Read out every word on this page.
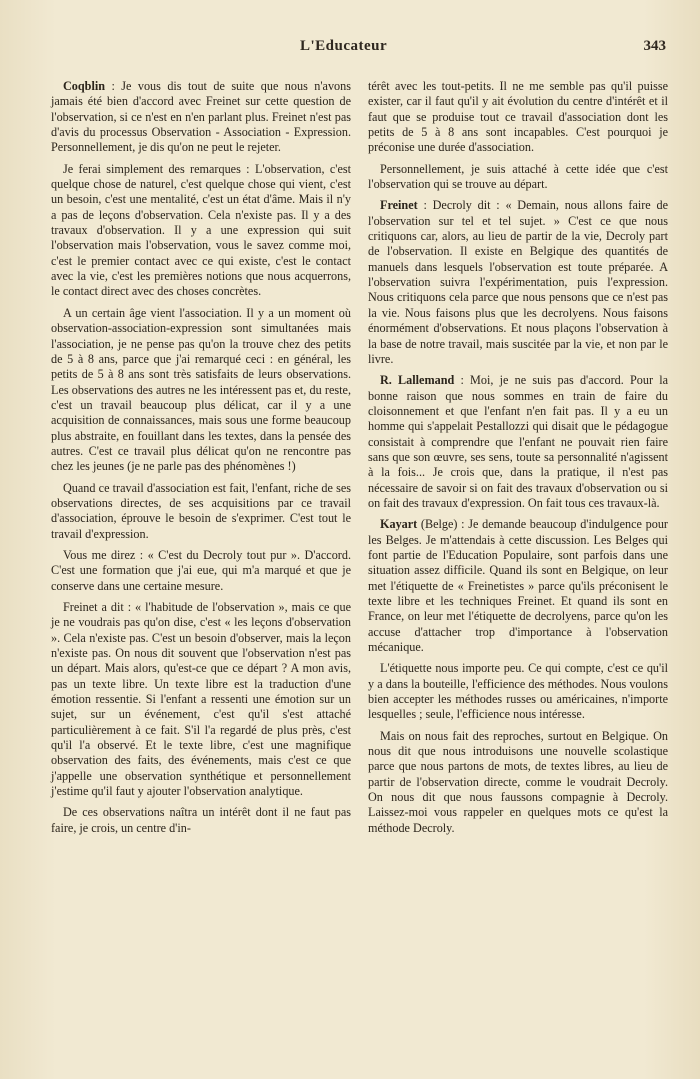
L'Educateur	343

Coqblin : Je vous dis tout de suite que nous n'avons jamais été bien d'accord avec Freinet sur cette question de l'observation, si ce n'est en n'en parlant plus. Freinet n'est pas d'avis du processus Observation - Association - Expression. Personnellement, je dis qu'on ne peut le rejeter.

Je ferai simplement des remarques : L'observation, c'est quelque chose de naturel, c'est quelque chose qui vient, c'est un besoin, c'est une mentalité, c'est un état d'âme. Mais il n'y a pas de leçons d'observation. Cela n'existe pas. Il y a des travaux d'observation. Il y a une expression qui suit l'observation mais l'observation, vous le savez comme moi, c'est le premier contact avec ce qui existe, c'est le contact avec la vie, c'est les premières notions que nous acquerrons, le contact direct avec des choses concrètes.

A un certain âge vient l'association. Il y a un moment où observation-association-expression sont simultanées mais l'association, je ne pense pas qu'on la trouve chez des petits de 5 à 8 ans, parce que j'ai remarqué ceci : en général, les petits de 5 à 8 ans sont très satisfaits de leurs observations. Les observations des autres ne les intéressent pas et, du reste, c'est un travail beaucoup plus délicat, car il y a une acquisition de connaissances, mais sous une forme beaucoup plus abstraite, en fouillant dans les textes, dans la pensée des autres. C'est ce travail plus délicat qu'on ne rencontre pas chez les jeunes (je ne parle pas des phénomènes !)

Quand ce travail d'association est fait, l'enfant, riche de ses observations directes, de ses acquisitions par ce travail d'association, éprouve le besoin de s'exprimer. C'est tout le travail d'expression.

Vous me direz : « C'est du Decroly tout pur ». D'accord. C'est une formation que j'ai eue, qui m'a marqué et que je conserve dans une certaine mesure.

Freinet a dit : « l'habitude de l'observation », mais ce que je ne voudrais pas qu'on dise, c'est « les leçons d'observation ». Cela n'existe pas. C'est un besoin d'observer, mais la leçon n'existe pas. On nous dit souvent que l'observation n'est pas un départ. Mais alors, qu'est-ce que ce départ ? A mon avis, pas un texte libre. Un texte libre est la traduction d'une émotion ressentie. Si l'enfant a ressenti une émotion sur un sujet, sur un événement, c'est qu'il s'est attaché particulièrement à ce fait. S'il l'a regardé de plus près, c'est qu'il l'a observé. Et le texte libre, c'est une magnifique observation des faits, des événements, mais c'est ce que j'appelle une observation synthétique et personnellement j'estime qu'il faut y ajouter l'observation analytique.

De ces observations naîtra un intérêt dont il ne faut pas faire, je crois, un centre d'in-

térêt avec les tout-petits. Il ne me semble pas qu'il puisse exister, car il faut qu'il y ait évolution du centre d'intérêt et il faut que se produise tout ce travail d'association dont les petits de 5 à 8 ans sont incapables. C'est pourquoi je préconise une durée d'association.

Personnellement, je suis attaché à cette idée que c'est l'observation qui se trouve au départ.

Freinet : Decroly dit : « Demain, nous allons faire de l'observation sur tel et tel sujet. » C'est ce que nous critiquons car, alors, au lieu de partir de la vie, Decroly part de l'observation. Il existe en Belgique des quantités de manuels dans lesquels l'observation est toute préparée. A l'observation suivra l'expérimentation, puis l'expression. Nous critiquons cela parce que nous pensons que ce n'est pas la vie. Nous faisons plus que les decrolyens. Nous faisons énormément d'observations. Et nous plaçons l'observation à la base de notre travail, mais suscitée par la vie, et non par le livre.

R. Lallemand : Moi, je ne suis pas d'accord. Pour la bonne raison que nous sommes en train de faire du cloisonnement et que l'enfant n'en fait pas. Il y a eu un homme qui s'appelait Pestallozzi qui disait que le pédagogue consistait à comprendre que l'enfant ne pouvait rien faire sans que son œuvre, ses sens, toute sa personnalité n'agissent à la fois... Je crois que, dans la pratique, il n'est pas nécessaire de savoir si on fait des travaux d'observation ou si on fait des travaux d'expression. On fait tous ces travaux-là.

Kayart (Belge) : Je demande beaucoup d'indulgence pour les Belges. Je m'attendais à cette discussion. Les Belges qui font partie de l'Education Populaire, sont parfois dans une situation assez difficile. Quand ils sont en Belgique, on leur met l'étiquette de « Freinetistes » parce qu'ils préconisent le texte libre et les techniques Freinet. Et quand ils sont en France, on leur met l'étiquette de decrolyens, parce qu'on les accuse d'attacher trop d'importance à l'observation mécanique.

L'étiquette nous importe peu. Ce qui compte, c'est ce qu'il y a dans la bouteille, l'efficience des méthodes. Nous voulons bien accepter les méthodes russes ou américaines, n'importe lesquelles ; seule, l'efficience nous intéresse.

Mais on nous fait des reproches, surtout en Belgique. On nous dit que nous introduisons une nouvelle scolastique parce que nous partons de mots, de textes libres, au lieu de partir de l'observation directe, comme le voudrait Decroly. On nous dit que nous faussons compagnie à Decroly. Laissez-moi vous rappeler en quelques mots ce qu'est la méthode Decroly.
